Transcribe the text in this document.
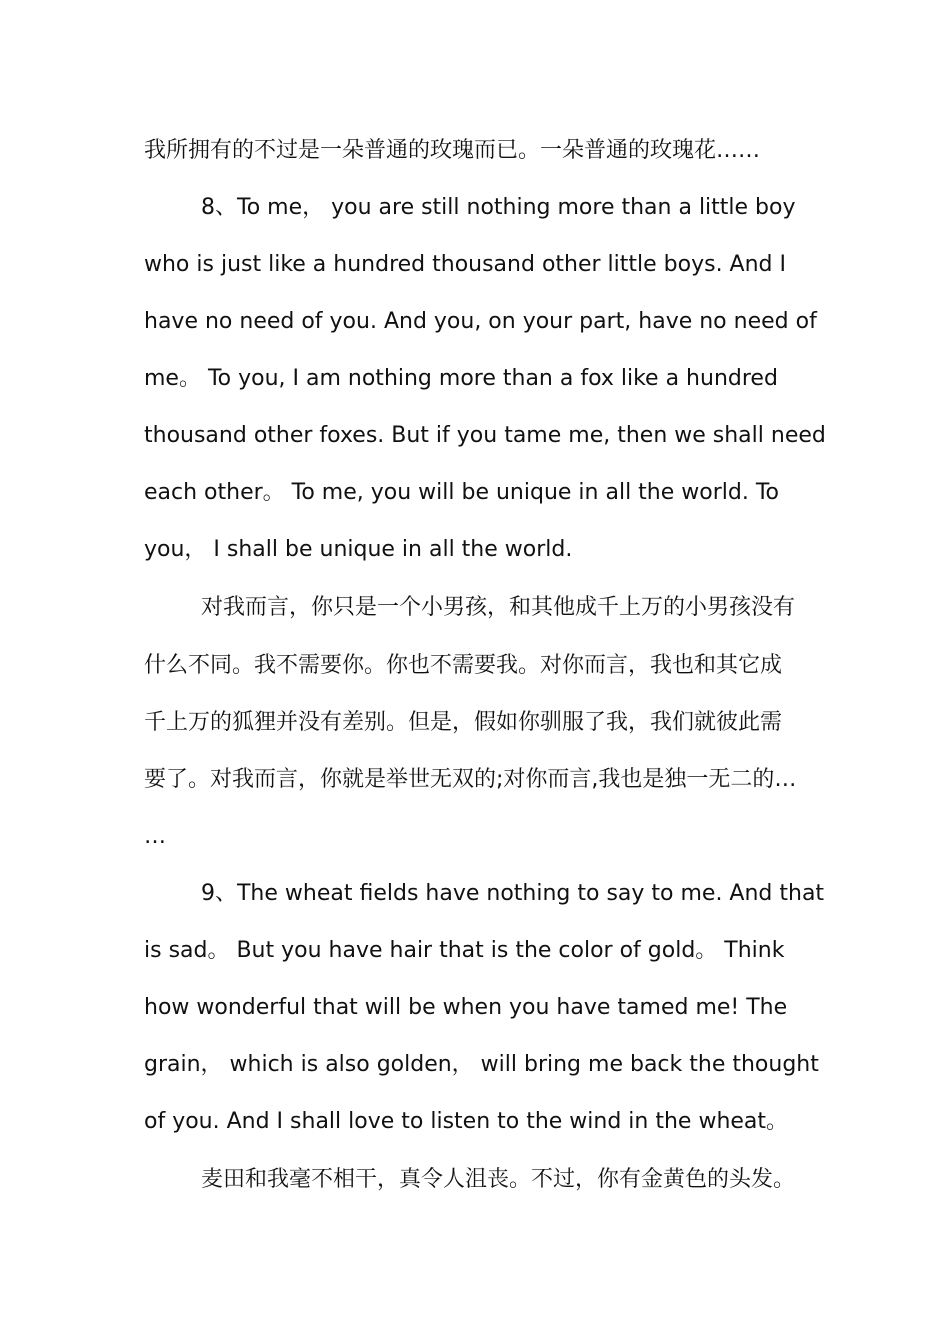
我所拥有的不过是一朵普通的玫瑰而已。一朵普通的玫瑰花……
8、To me， you are still nothing more than a little boy
who is just like a hundred thousand other little boys. And I
have no need of you. And you, on your part, have no need of
me。 To you, I am nothing more than a fox like a hundred
thousand other foxes. But if you tame me, then we shall need
each other。 To me, you will be unique in all the world. To
you， I shall be unique in all the world.
对我而言，你只是一个小男孩，和其他成千上万的小男孩没有
什么不同。我不需要你。你也不需要我。对你而言，我也和其它成
千上万的狐狸并没有差别。但是，假如你驯服了我，我们就彼此需
要了。对我而言，你就是举世无双的;对你而言,我也是独一无二的…
…
9、The wheat fields have nothing to say to me. And that
is sad。 But you have hair that is the color of gold。 Think
how wonderful that will be when you have tamed me! The
grain， which is also golden， will bring me back the thought
of you. And I shall love to listen to the wind in the wheat。
麦田和我毫不相干，真令人沮丧。不过，你有金黄色的头发。
